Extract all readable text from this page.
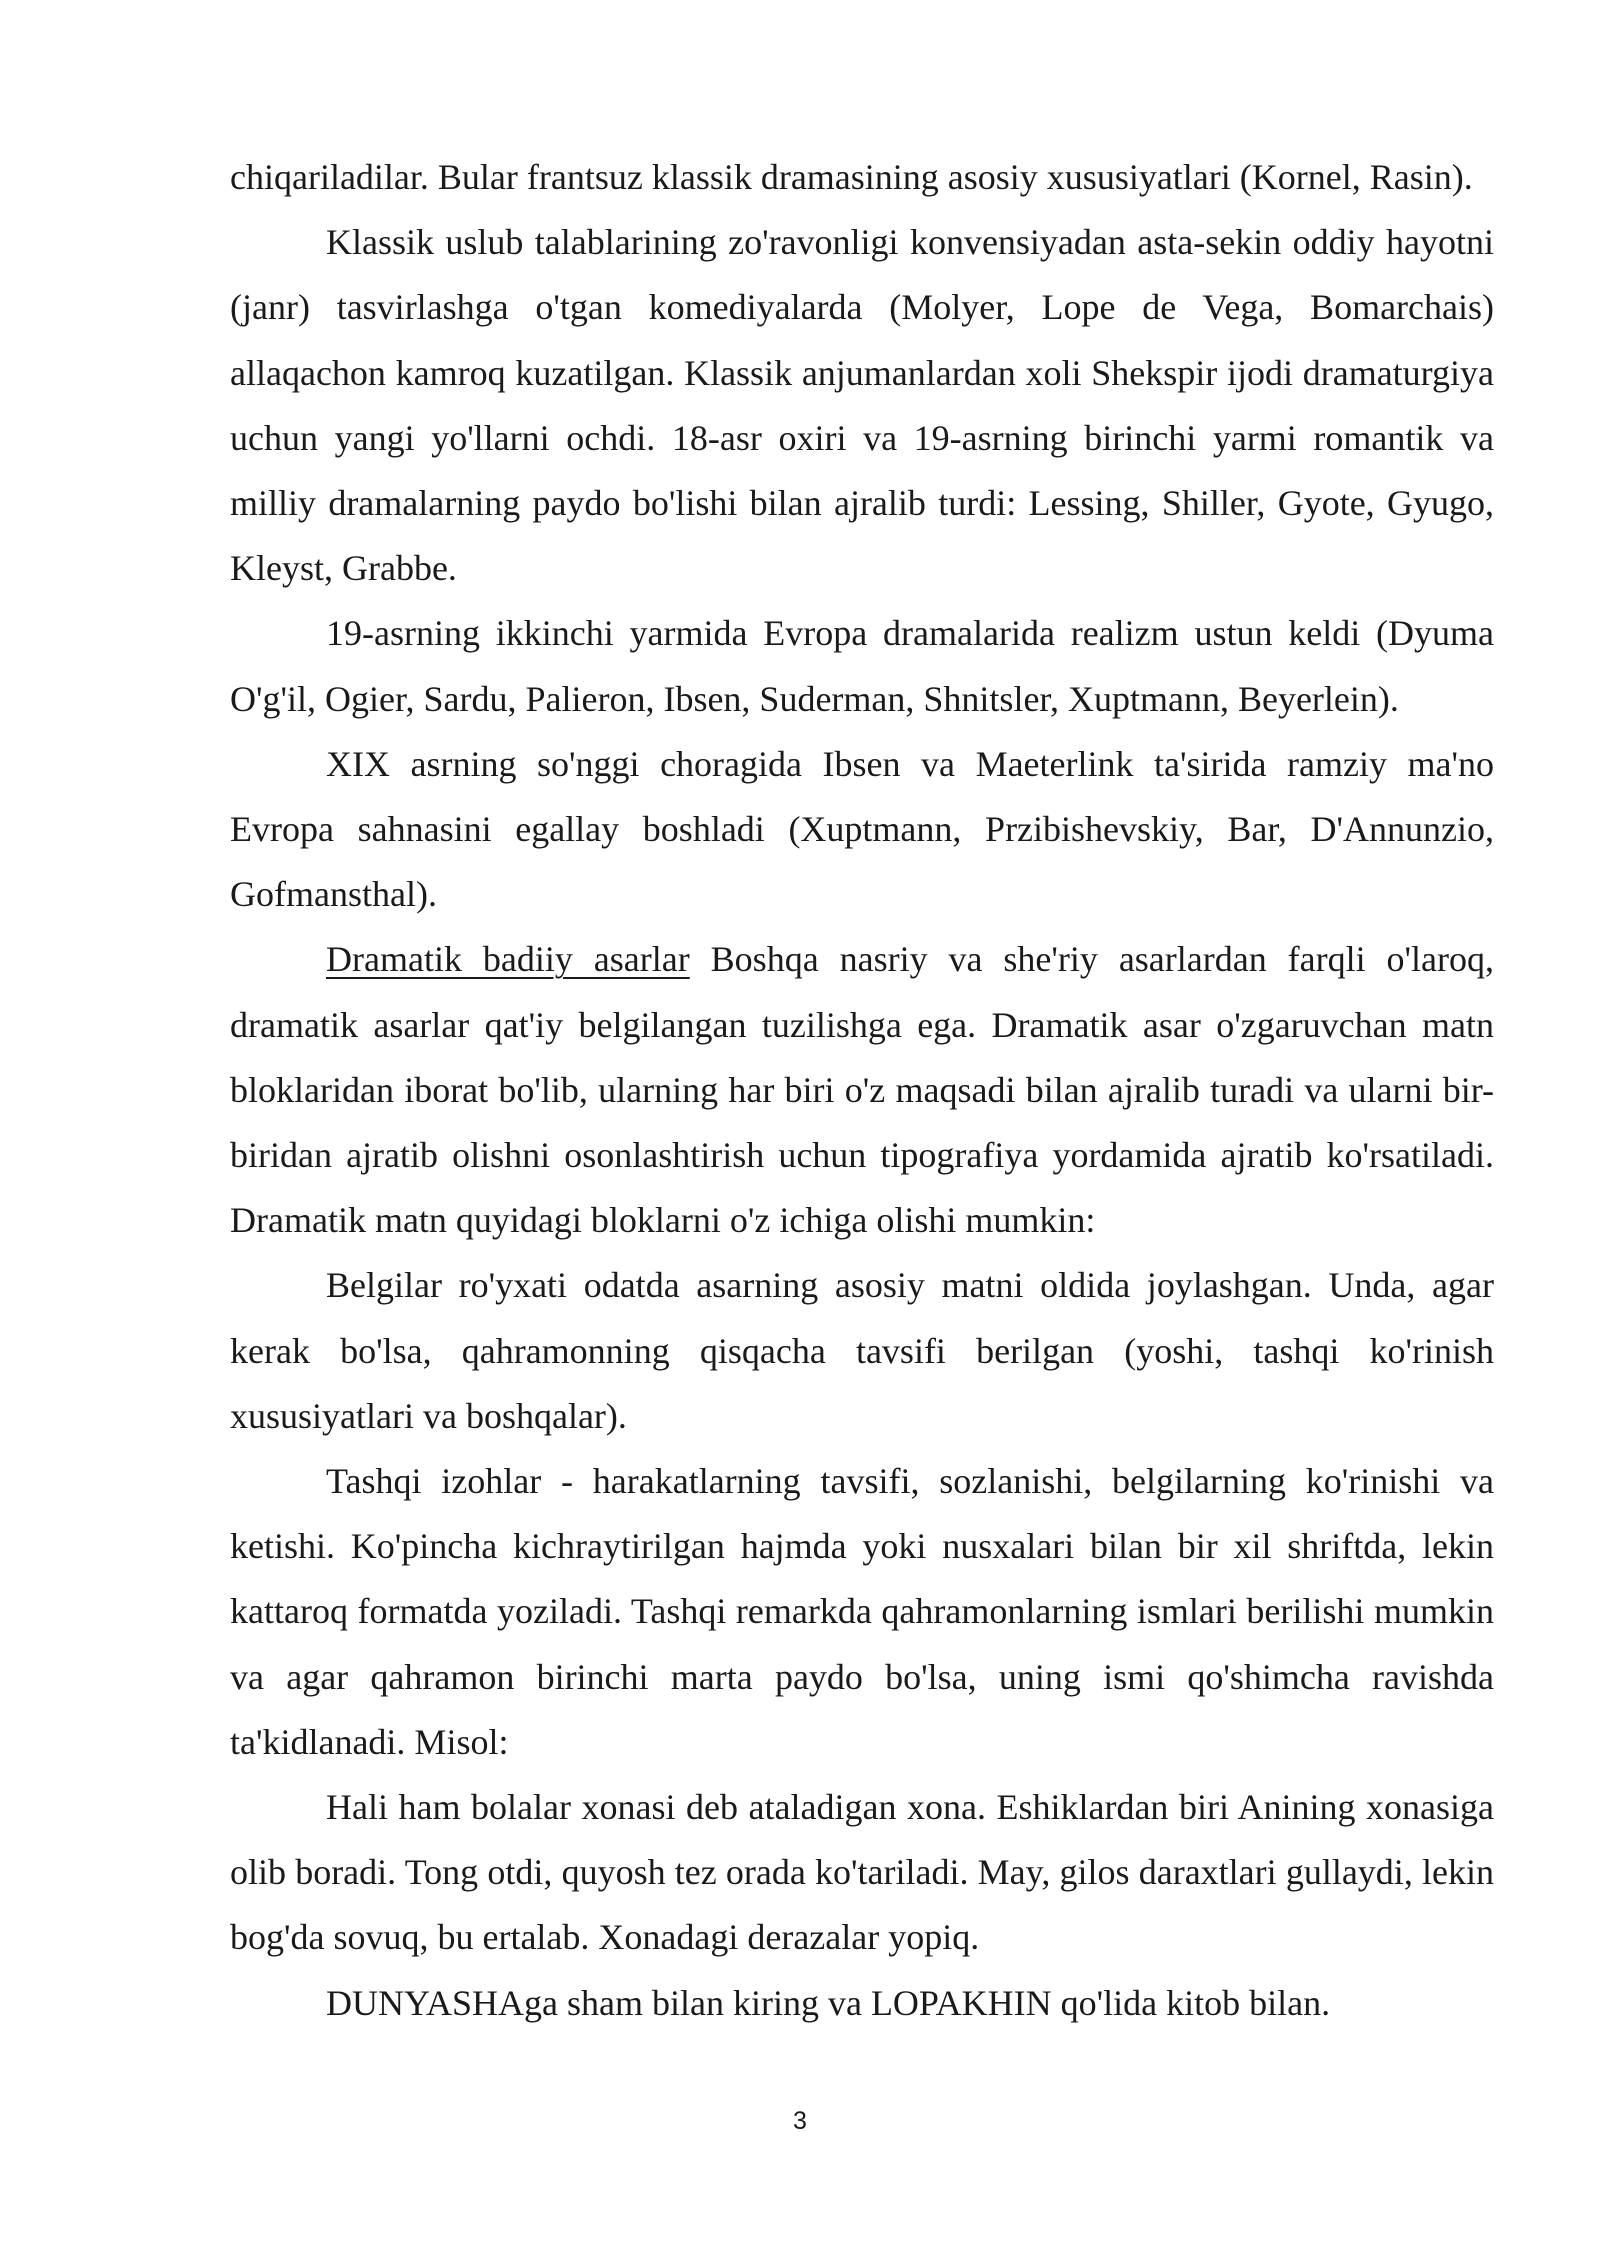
chiqariladilar. Bular frantsuz klassik dramasining asosiy xususiyatlari (Kornel, Rasin).

Klassik uslub talablarining zo'ravonligi konvensiyadan asta-sekin oddiy hayotni (janr) tasvirlashga o'tgan komediyalarda (Molyer, Lope de Vega, Bomarchais) allaqachon kamroq kuzatilgan. Klassik anjumanlardan xoli Shekspir ijodi dramaturgiya uchun yangi yo'llarni ochdi. 18-asr oxiri va 19-asrning birinchi yarmi romantik va milliy dramalarning paydo bo'lishi bilan ajralib turdi: Lessing, Shiller, Gyote, Gyugo, Kleyst, Grabbe.

19-asrning ikkinchi yarmida Evropa dramalarida realizm ustun keldi (Dyuma O'g'il, Ogier, Sardu, Palieron, Ibsen, Suderman, Shnitsler, Xuptmann, Beyerlein).

XIX asrning so'nggi choragida Ibsen va Maeterlink ta'sirida ramziy ma'no Evropa sahnasini egallay boshladi (Xuptmann, Przibishevskiy, Bar, D'Annunzio, Gofmansthal).

Dramatik badiiy asarlar Boshqa nasriy va she'riy asarlardan farqli o'laroq, dramatik asarlar qat'iy belgilangan tuzilishga ega. Dramatik asar o'zgaruvchan matn bloklaridan iborat bo'lib, ularning har biri o'z maqsadi bilan ajralib turadi va ularni bir-biridan ajratib olishni osonlashtirish uchun tipografiya yordamida ajratib ko'rsatiladi. Dramatik matn quyidagi bloklarni o'z ichiga olishi mumkin:

Belgilar ro'yxati odatda asarning asosiy matni oldida joylashgan. Unda, agar kerak bo'lsa, qahramonning qisqacha tavsifi berilgan (yoshi, tashqi ko'rinish xususiyatlari va boshqalar).

Tashqi izohlar - harakatlarning tavsifi, sozlanishi, belgilarning ko'rinishi va ketishi. Ko'pincha kichraytirilgan hajmda yoki nusxalari bilan bir xil shriftda, lekin kattaroq formatda yoziladi. Tashqi remarkda qahramonlarning ismlari berilishi mumkin va agar qahramon birinchi marta paydo bo'lsa, uning ismi qo'shimcha ravishda ta'kidlanadi. Misol:

Hali ham bolalar xonasi deb ataladigan xona. Eshiklardan biri Anining xonasiga olib boradi. Tong otdi, quyosh tez orada ko'tariladi. May, gilos daraxtlari gullaydi, lekin bog'da sovuq, bu ertalab. Xonadagi derazalar yopiq.

DUNYASHAga sham bilan kiring va LOPAKHIN qo'lida kitob bilan.

3
